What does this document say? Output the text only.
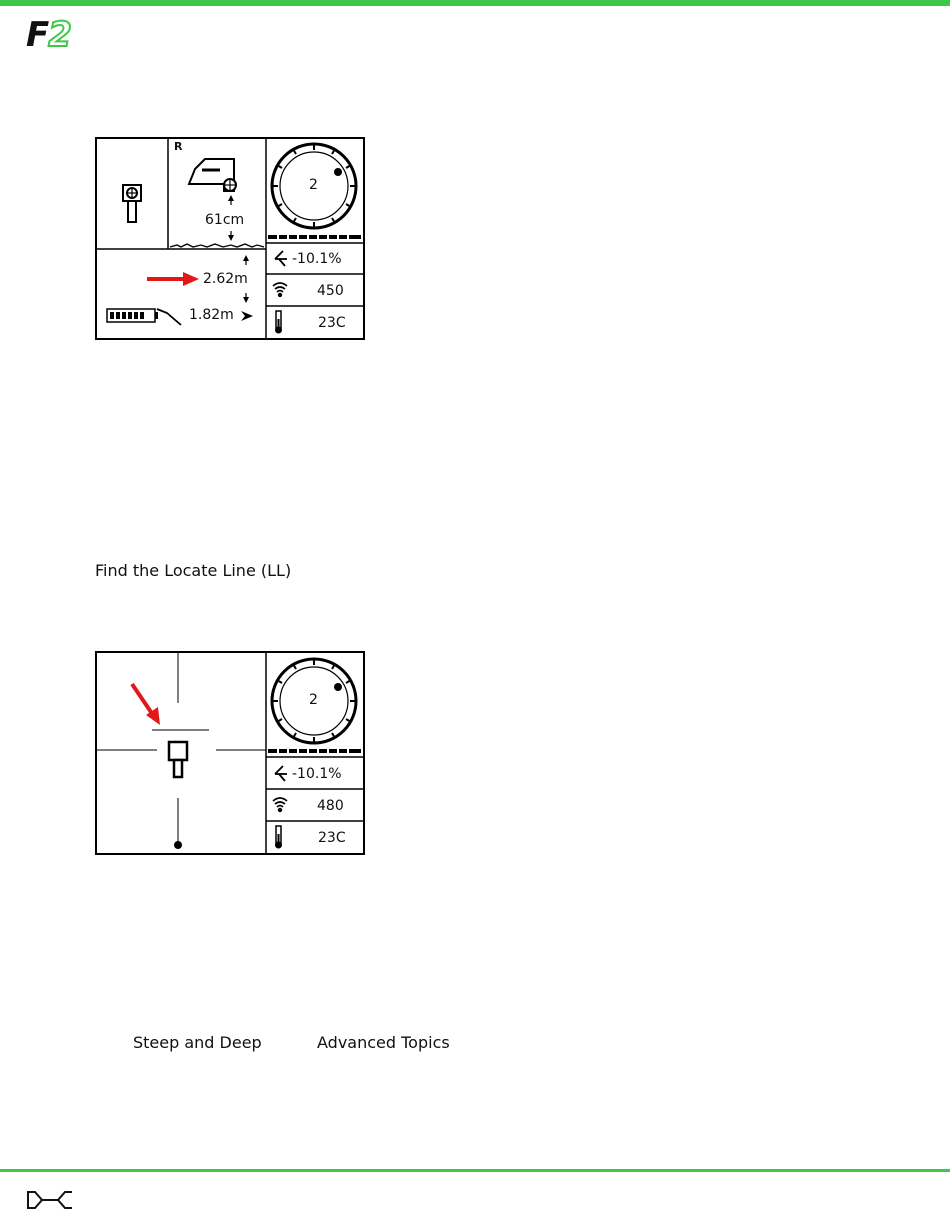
F2
R
2
61cm
2.62m
1.82m
-10.1%
450
23C
Find the Locate Line (LL)
2
-10.1%
480
23C
Steep and Deep	Advanced Topics
